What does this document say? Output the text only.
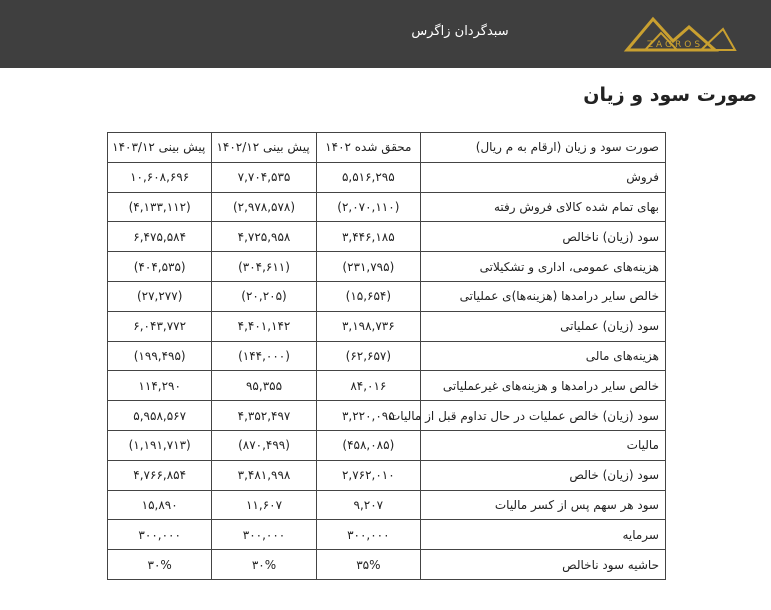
سبدگردان زاگرس
ZAGROS
صورت سود و زیان
صورت سود و زیان (ارقام به م ریال)	محقق شده ۱۴۰۲	پیش بینی ۱۴۰۲/۱۲	پیش بینی ۱۴۰۳/۱۲
فروش	۵,۵۱۶,۲۹۵	۷,۷۰۴,۵۳۵	۱۰,۶۰۸,۶۹۶
بهای تمام شده کالای فروش رفته	(۲,۰۷۰,۱۱۰)	(۲,۹۷۸,۵۷۸)	(۴,۱۳۳,۱۱۲)
سود (زیان) ناخالص	۳,۴۴۶,۱۸۵	۴,۷۲۵,۹۵۸	۶,۴۷۵,۵۸۴
هزینه‌های عمومی، اداری و تشکیلاتی	(۲۳۱,۷۹۵)	(۳۰۴,۶۱۱)	(۴۰۴,۵۳۵)
خالص سایر درامدها (هزینه‌ها)ی عملیاتی	(۱۵,۶۵۴)	(۲۰,۲۰۵)	(۲۷,۲۷۷)
سود (زیان) عملیاتی	۳,۱۹۸,۷۳۶	۴,۴۰۱,۱۴۲	۶,۰۴۳,۷۷۲
هزینه‌های مالی	(۶۲,۶۵۷)	(۱۴۴,۰۰۰)	(۱۹۹,۴۹۵)
خالص سایر درامدها و هزینه‌های غیرعملیاتی	۸۴,۰۱۶	۹۵,۳۵۵	۱۱۴,۲۹۰
سود (زیان) خالص عملیات در حال تداوم قبل از مالیات	۳,۲۲۰,۰۹۵	۴,۳۵۲,۴۹۷	۵,۹۵۸,۵۶۷
مالیات	(۴۵۸,۰۸۵)	(۸۷۰,۴۹۹)	(۱,۱۹۱,۷۱۳)
سود (زیان) خالص	۲,۷۶۲,۰۱۰	۳,۴۸۱,۹۹۸	۴,۷۶۶,۸۵۴
سود هر سهم پس از کسر مالیات	۹,۲۰۷	۱۱,۶۰۷	۱۵,۸۹۰
سرمایه	۳۰۰,۰۰۰	۳۰۰,۰۰۰	۳۰۰,۰۰۰
حاشیه سود ناخالص	۳۵%	۳۰%	۳۰%
